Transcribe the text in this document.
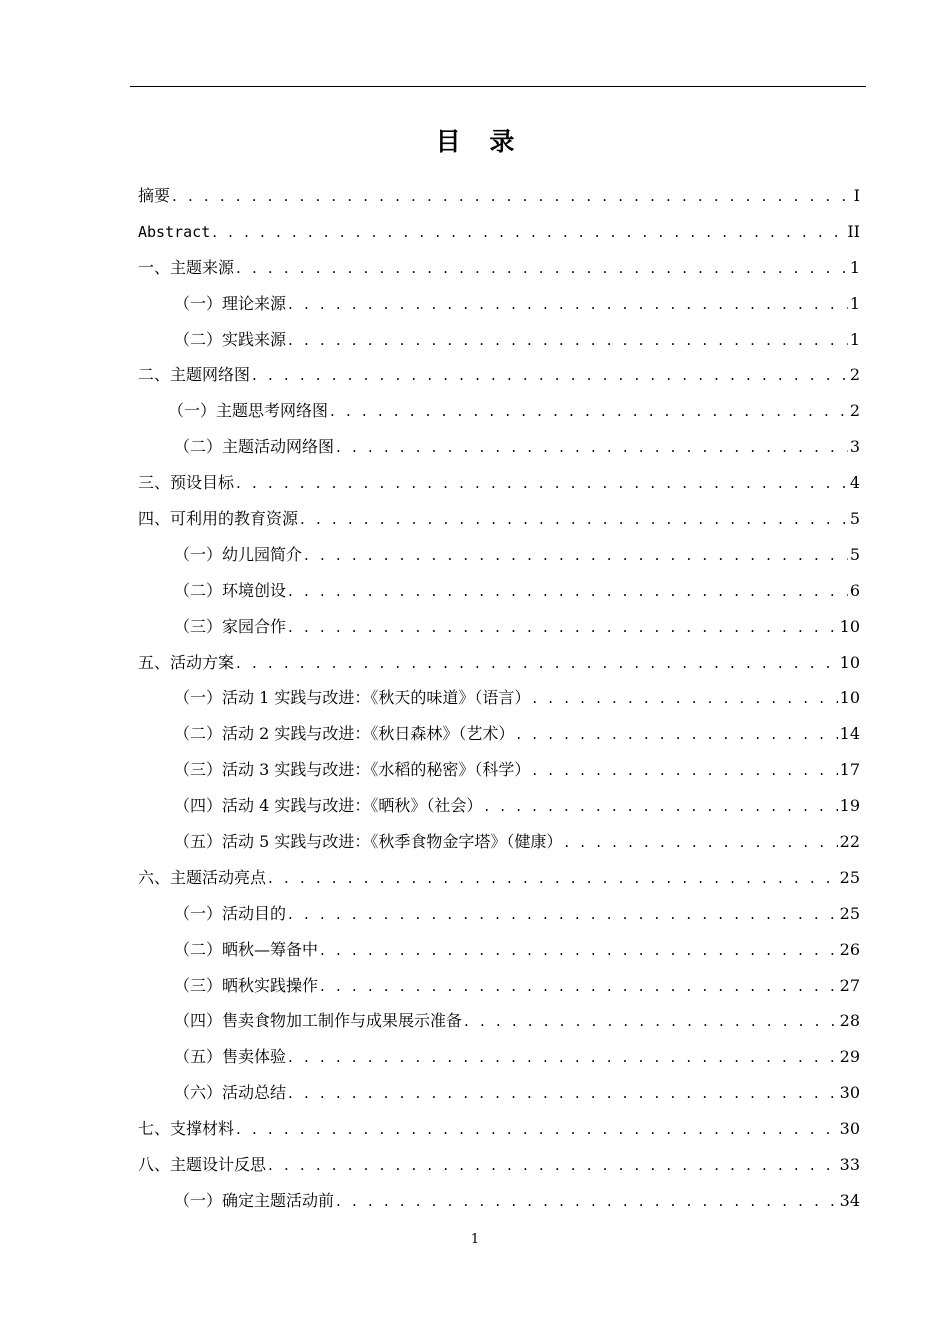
目 录
摘要 . . .	I
Abstract . . .	II
一、主题来源 . . .	1
（一）理论来源 . . .	1
（二）实践来源 . . .	1
二、主题网络图 . . .	2
（一）主题思考网络图 . . .	2
（二）主题活动网络图 . . .	3
三、预设目标 . . .	4
四、可利用的教育资源 . . .	5
（一）幼儿园简介 . . .	5
（二）环境创设 . . .	6
（三）家园合作 . . .	10
五、活动方案 . . .	10
（一）活动 1 实践与改进：《秋天的味道》（语言） . . .	10
（二）活动 2 实践与改进：《秋日森林》（艺术） . . .	14
（三）活动 3 实践与改进：《水稻的秘密》（科学） . . .	17
（四）活动 4 实践与改进：《晒秋》（社会） . . .	19
（五）活动 5 实践与改进：《秋季食物金字塔》（健康） . . .	22
六、主题活动亮点 . . .	25
（一）活动目的 . . .	25
（二）晒秋—筹备中 . . .	26
（三）晒秋实践操作 . . .	27
（四）售卖食物加工制作与成果展示准备 . . .	28
（五）售卖体验 . . .	29
（六）活动总结 . . .	30
七、支撑材料 . . .	30
八、主题设计反思 . . .	33
（一）确定主题活动前 . . .	34
1
